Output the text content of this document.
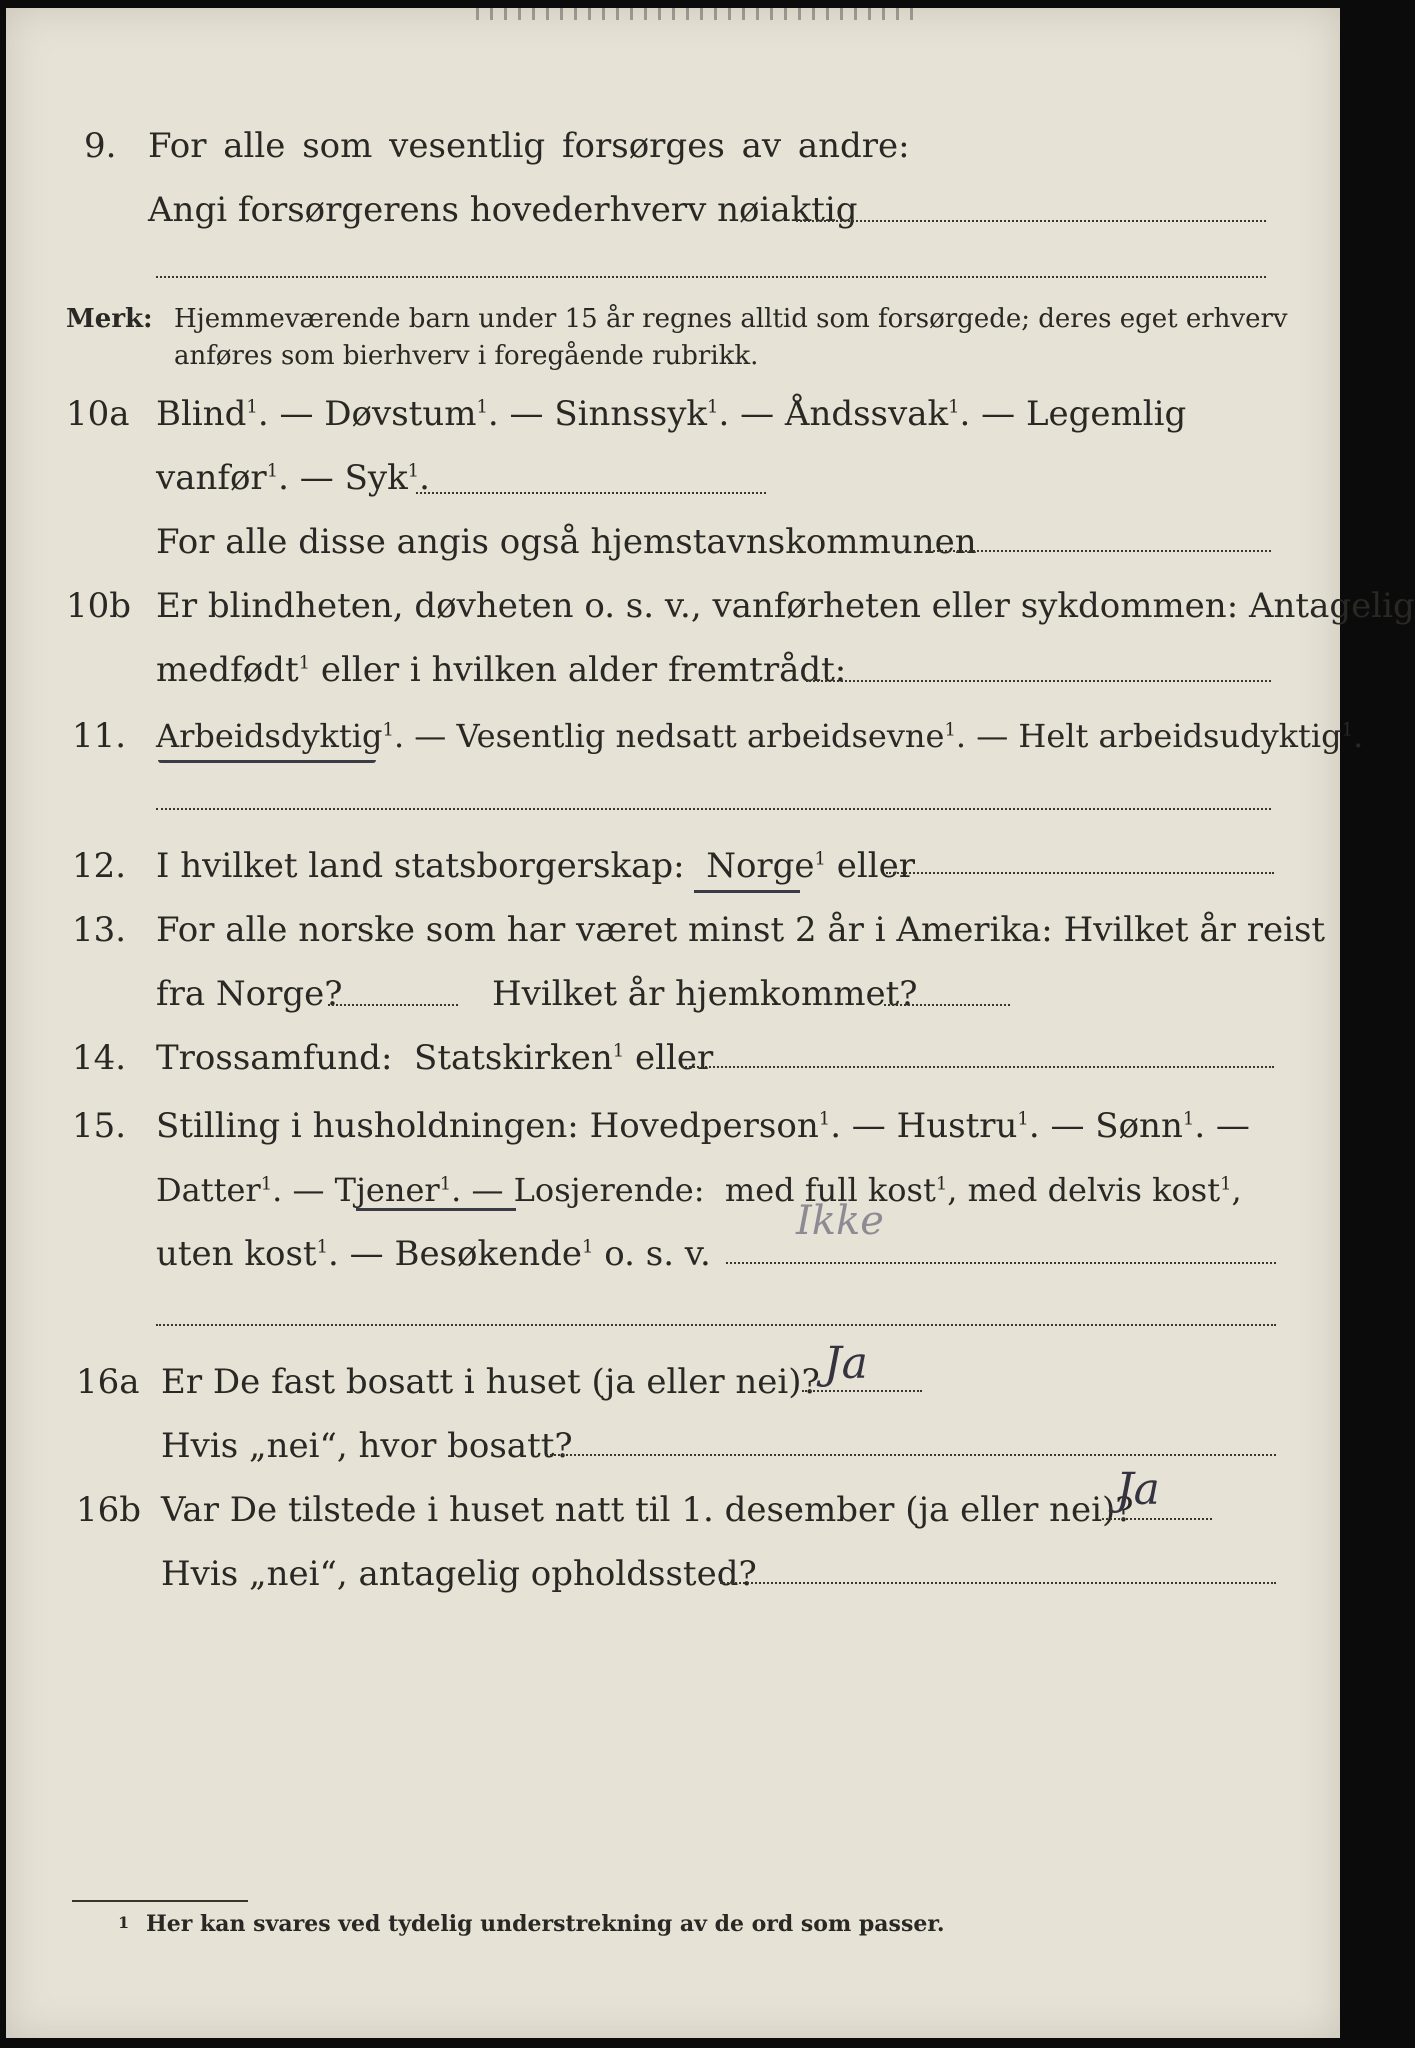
9. For alle som vesentlig forsørges av andre:
Angi forsørgerens hovederhverv nøiaktig
Merk: Hjemmeværende barn under 15 år regnes alltid som forsørgede; deres eget erhverv
anføres som bierhverv i foregående rubrikk.
10a Blind$^1$. — Døvstum$^1$. — Sinnssyk$^1$. — Åndssvak$^1$. — Legemlig
vanfør$^1$. — Syk$^1$.
For alle disse angis også hjemstavnskommunen
10b Er blindheten, døvheten o. s. v., vanførheten eller sykdommen: Antagelig
medfødt$^1$ eller i hvilken alder fremtrådt:
11. Arbeidsdyktig$^1$. — Vesentlig nedsatt arbeidsevne$^1$. — Helt arbeidsudyktig$^1$.
12. I hvilket land statsborgerskap: Norge$^1$ eller
13. For alle norske som har været minst 2 år i Amerika: Hvilket år reist
fra Norge?	Hvilket år hjemkommet?
14. Trossamfund: Statskirken$^1$ eller
15. Stilling i husholdningen: Hovedperson$^1$. — Hustru$^1$. — Sønn$^1$. —
Datter$^1$. — Tjener$^1$. — Losjerende: med full kost$^1$, med delvis kost$^1$,
uten kost$^1$. — Besøkende$^1$ o. s. v.
Ikke
16a Er De fast bosatt i huset (ja eller nei)? Ja
Hvis „nei“, hvor bosatt?
16b Var De tilstede i huset natt til 1. desember (ja eller nei)?
Ja
Hvis „nei“, antagelig opholdssted?
1 Her kan svares ved tydelig understrekning av de ord som passer.
